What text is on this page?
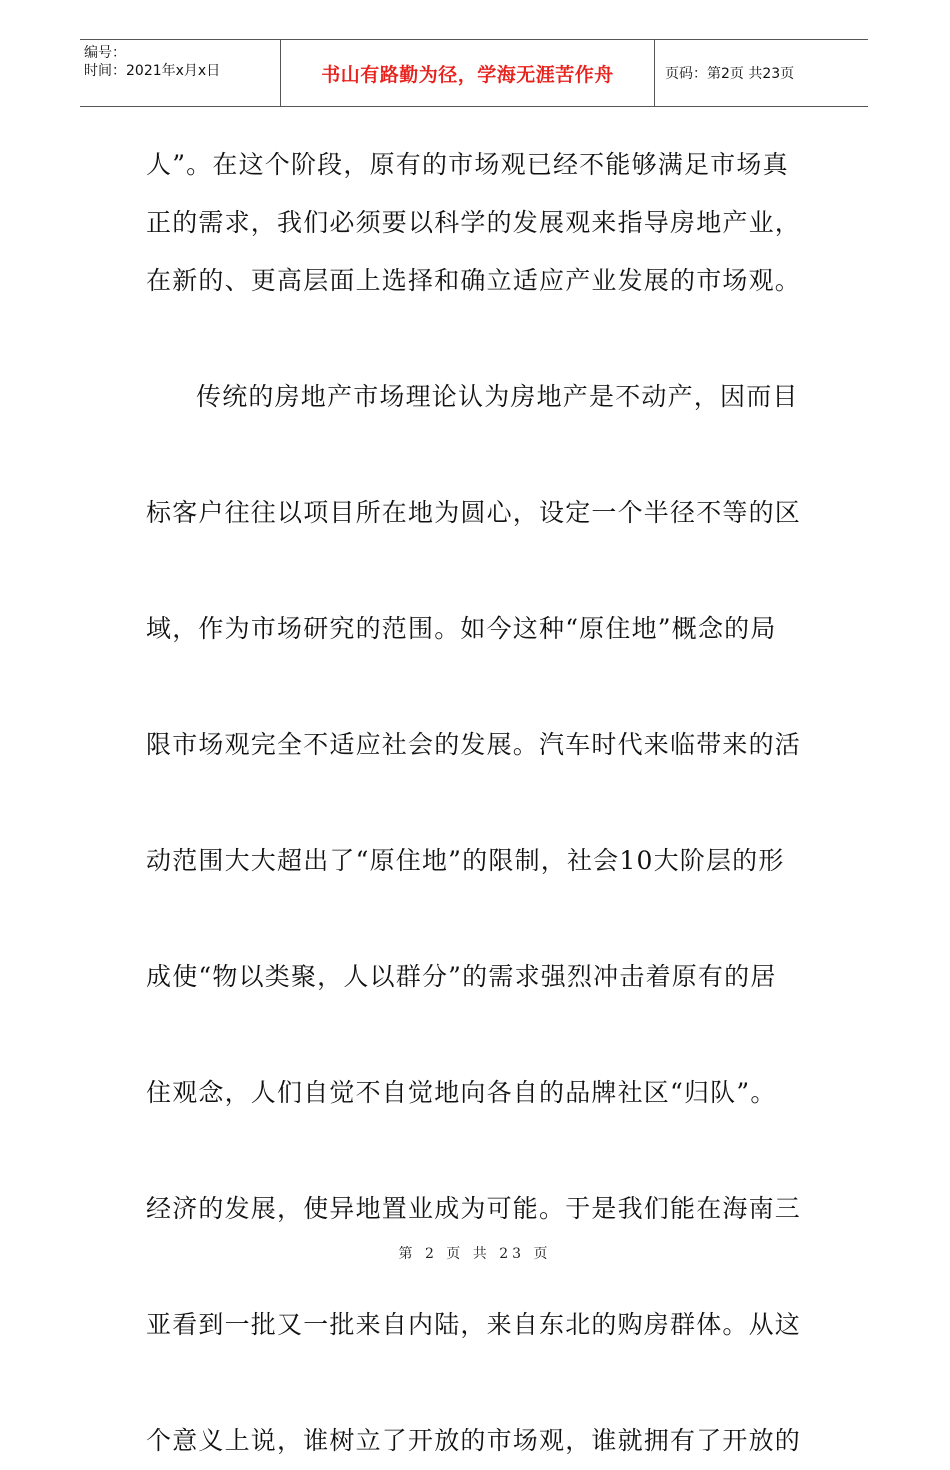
编号：
时间：2021年x月x日	书山有路勤为径，学海无涯苦作舟	页码：第2页 共23页
人”。在这个阶段，原有的市场观已经不能够满足市场真
正的需求，我们必须要以科学的发展观来指导房地产业，
在新的、更高层面上选择和确立适应产业发展的市场观。
传统的房地产市场理论认为房地产是不动产，因而目
标客户往往以项目所在地为圆心，设定一个半径不等的区
域，作为市场研究的范围。如今这种“原住地”概念的局
限市场观完全不适应社会的发展。汽车时代来临带来的活
动范围大大超出了“原住地”的限制，社会10大阶层的形
成使“物以类聚，人以群分”的需求强烈冲击着原有的居
住观念，人们自觉不自觉地向各自的品牌社区“归队”。
经济的发展，使异地置业成为可能。于是我们能在海南三
亚看到一批又一批来自内陆，来自东北的购房群体。从这
个意义上说，谁树立了开放的市场观，谁就拥有了开放的
第 2 页 共 23 页
